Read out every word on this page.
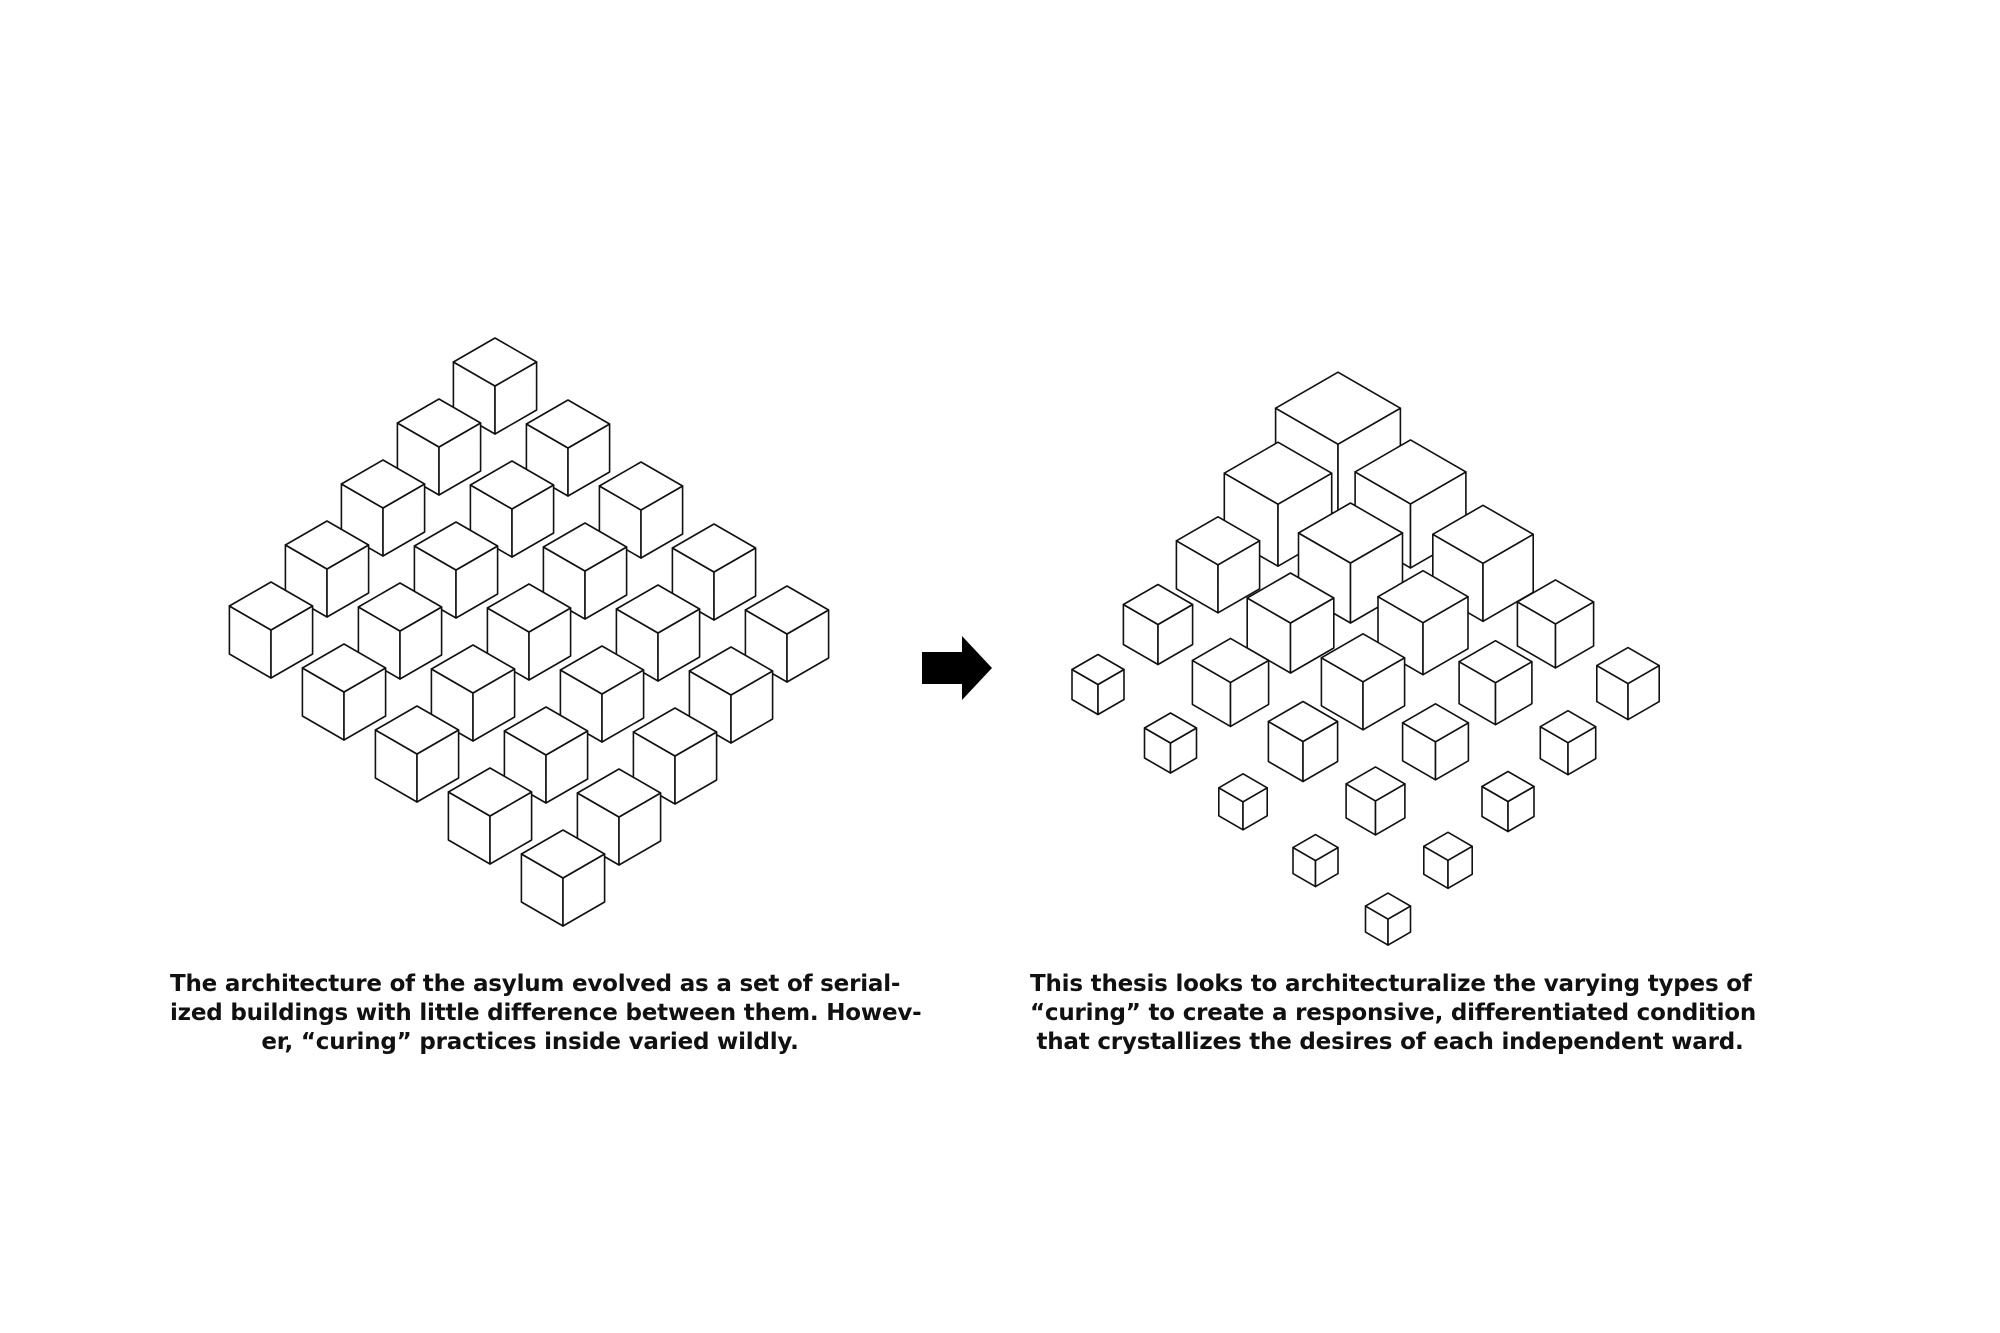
The architecture of the asylum evolved as a set of serial-
ized buildings with little difference between them. Howev-
er, “curing” practices inside varied wildly.

This thesis looks to architecturalize the varying types of
“curing” to create a responsive, differentiated condition
that crystallizes the desires of each independent ward.
